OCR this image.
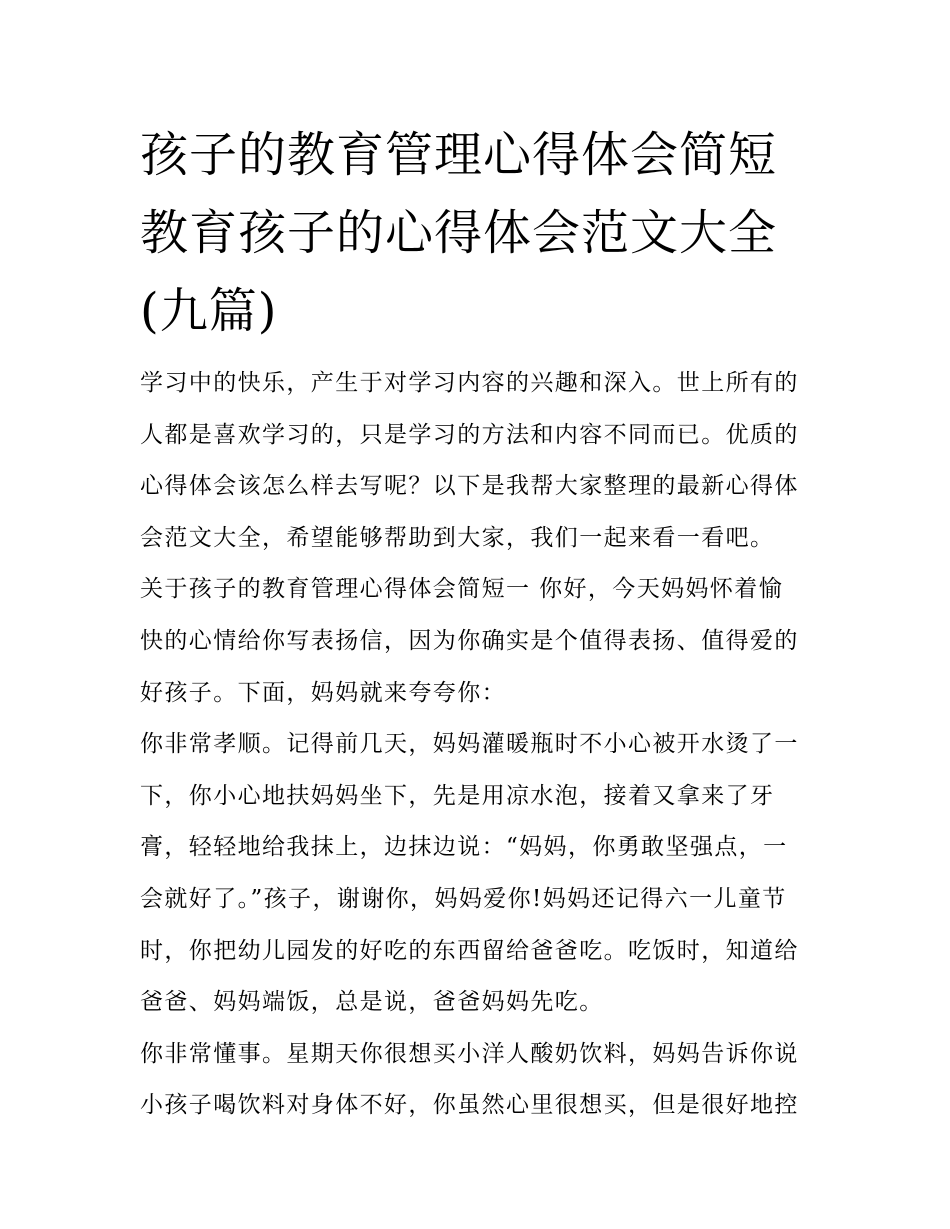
孩子的教育管理心得体会简短
教育孩子的心得体会范文大全
(九篇)
学习中的快乐，产生于对学习内容的兴趣和深入。世上所有的
人都是喜欢学习的，只是学习的方法和内容不同而已。优质的
心得体会该怎么样去写呢？以下是我帮大家整理的最新心得体
会范文大全，希望能够帮助到大家，我们一起来看一看吧。
关于孩子的教育管理心得体会简短一 你好，今天妈妈怀着愉
快的心情给你写表扬信，因为你确实是个值得表扬、值得爱的
好孩子。下面，妈妈就来夸夸你：
你非常孝顺。记得前几天，妈妈灌暖瓶时不小心被开水烫了一
下，你小心地扶妈妈坐下，先是用凉水泡，接着又拿来了牙
膏，轻轻地给我抹上，边抹边说：“妈妈，你勇敢坚强点，一
会就好了。”孩子，谢谢你，妈妈爱你!妈妈还记得六一儿童节
时，你把幼儿园发的好吃的东西留给爸爸吃。吃饭时，知道给
爸爸、妈妈端饭，总是说，爸爸妈妈先吃。
你非常懂事。星期天你很想买小洋人酸奶饮料，妈妈告诉你说
小孩子喝饮料对身体不好，你虽然心里很想买，但是很好地控
